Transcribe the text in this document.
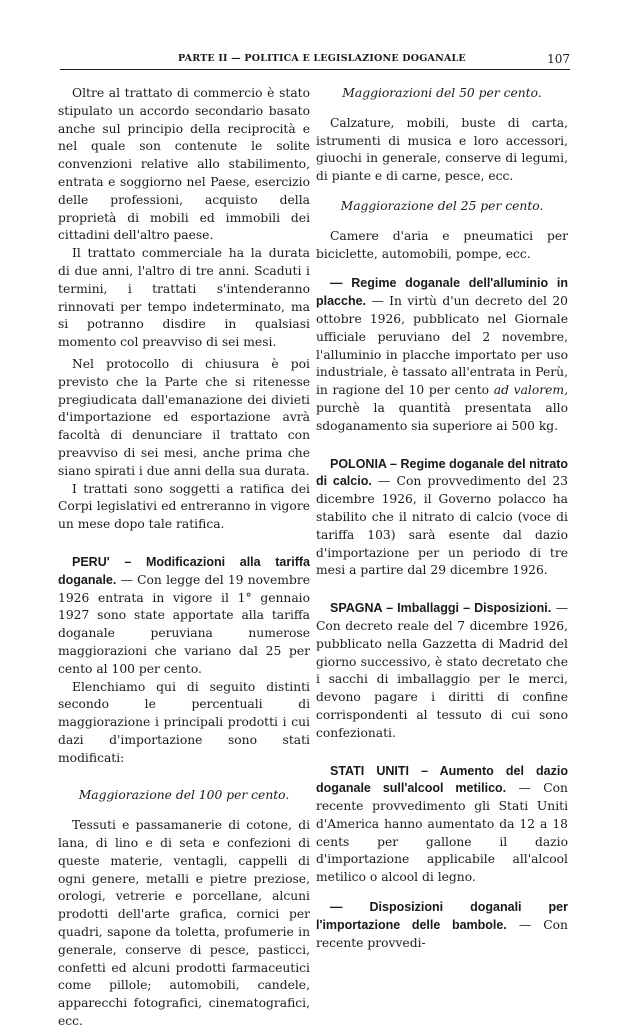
PARTE II — POLITICA E LEGISLAZIONE DOGANALE	107

Oltre al trattato di commercio è stato stipulato un accordo secondario basato anche sul principio della reciprocità e nel quale son contenute le solite convenzioni relative allo stabilimento, entrata e soggiorno nel Paese, esercizio delle professioni, acquisto della proprietà di mobili ed immobili dei cittadini dell'altro paese.

Il trattato commerciale ha la durata di due anni, l'altro di tre anni. Scaduti i termini, i trattati s'intenderanno rinnovati per tempo indeterminato, ma si potranno disdire in qualsiasi momento col preavviso di sei mesi.

Nel protocollo di chiusura è poi previsto che la Parte che si ritenesse pregiudicata dall'emanazione dei divieti d'importazione ed esportazione avrà facoltà di denunciare il trattato con preavviso di sei mesi, anche prima che siano spirati i due anni della sua durata.

I trattati sono soggetti a ratifica dei Corpi legislativi ed entreranno in vigore un mese dopo tale ratifica.

PERU' – Modificazioni alla tariffa doganale. — Con legge del 19 novembre 1926 entrata in vigore il 1° gennaio 1927 sono state apportate alla tariffa doganale peruviana numerose maggiorazioni che variano dal 25 per cento al 100 per cento.

Elenchiamo qui di seguito distinti secondo le percentuali di maggiorazione i principali prodotti i cui dazi d'importazione sono stati modificati:

Maggiorazione del 100 per cento.

Tessuti e passamanerie di cotone, di lana, di lino e di seta e confezioni di queste materie, ventagli, cappelli di ogni genere, metalli e pietre preziose, orologi, vetrerie e porcellane, alcuni prodotti dell'arte grafica, cornici per quadri, sapone da toletta, profumerie in generale, conserve di pesce, pasticci, confetti ed alcuni prodotti farmaceutici come pillole; automobili, candele, apparecchi fotografici, cinematografici, ecc.

Maggiorazioni del 50 per cento.

Calzature, mobili, buste di carta, istrumenti di musica e loro accessori, giuochi in generale, conserve di legumi, di piante e di carne, pesce, ecc.

Maggiorazione del 25 per cento.

Camere d'aria e pneumatici per biciclette, automobili, pompe, ecc.

— Regime doganale dell'alluminio in placche. — In virtù d'un decreto del 20 ottobre 1926, pubblicato nel Giornale ufficiale peruviano del 2 novembre, l'alluminio in placche importato per uso industriale, è tassato all'entrata in Perù, in ragione del 10 per cento ad valorem, purchè la quantità presentata allo sdoganamento sia superiore ai 500 kg.

POLONIA – Regime doganale del nitrato di calcio. — Con provvedimento del 23 dicembre 1926, il Governo polacco ha stabilito che il nitrato di calcio (voce di tariffa 103) sarà esente dal dazio d'importazione per un periodo di tre mesi a partire dal 29 dicembre 1926.

SPAGNA – Imballaggi – Disposizioni. — Con decreto reale del 7 dicembre 1926, pubblicato nella Gazzetta di Madrid del giorno successivo, è stato decretato che i sacchi di imballaggio per le merci, devono pagare i diritti di confine corrispondenti al tessuto di cui sono confezionati.

STATI UNITI – Aumento del dazio doganale sull'alcool metilico. — Con recente provvedimento gli Stati Uniti d'America hanno aumentato da 12 a 18 cents per gallone il dazio d'importazione applicabile all'alcool metilico o alcool di legno.

— Disposizioni doganali per l'importazione delle bambole. — Con recente provvedi-
